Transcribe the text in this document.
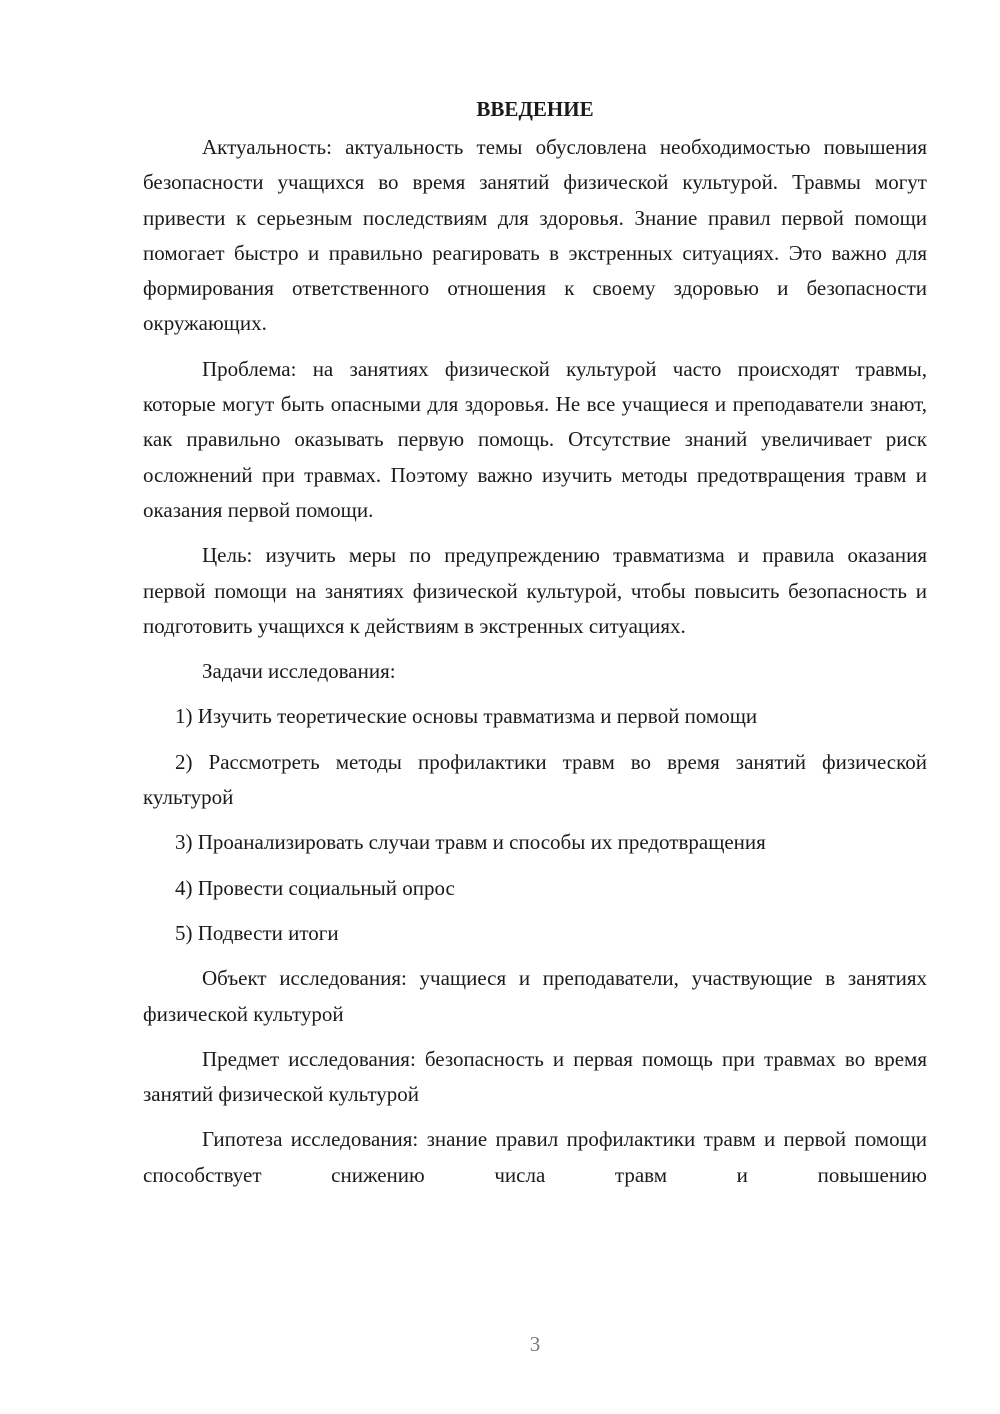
ВВЕДЕНИЕ

Актуальность: актуальность темы обусловлена необходимостью повышения безопасности учащихся во время занятий физической культурой. Травмы могут привести к серьезным последствиям для здоровья. Знание правил первой помощи помогает быстро и правильно реагировать в экстренных ситуациях. Это важно для формирования ответственного отношения к своему здоровью и безопасности окружающих.

Проблема: на занятиях физической культурой часто происходят травмы, которые могут быть опасными для здоровья. Не все учащиеся и преподаватели знают, как правильно оказывать первую помощь. Отсутствие знаний увеличивает риск осложнений при травмах. Поэтому важно изучить методы предотвращения травм и оказания первой помощи.

Цель: изучить меры по предупреждению травматизма и правила оказания первой помощи на занятиях физической культурой, чтобы повысить безопасность и подготовить учащихся к действиям в экстренных ситуациях.

Задачи исследования:

1) Изучить теоретические основы травматизма и первой помощи

2) Рассмотреть методы профилактики травм во время занятий физической культурой

3) Проанализировать случаи травм и способы их предотвращения

4) Провести социальный опрос

5) Подвести итоги

Объект исследования: учащиеся и преподаватели, участвующие в занятиях физической культурой

Предмет исследования: безопасность и первая помощь при травмах во время занятий физической культурой

Гипотеза исследования: знание правил профилактики травм и первой помощи способствует снижению числа травм и повышению

3
